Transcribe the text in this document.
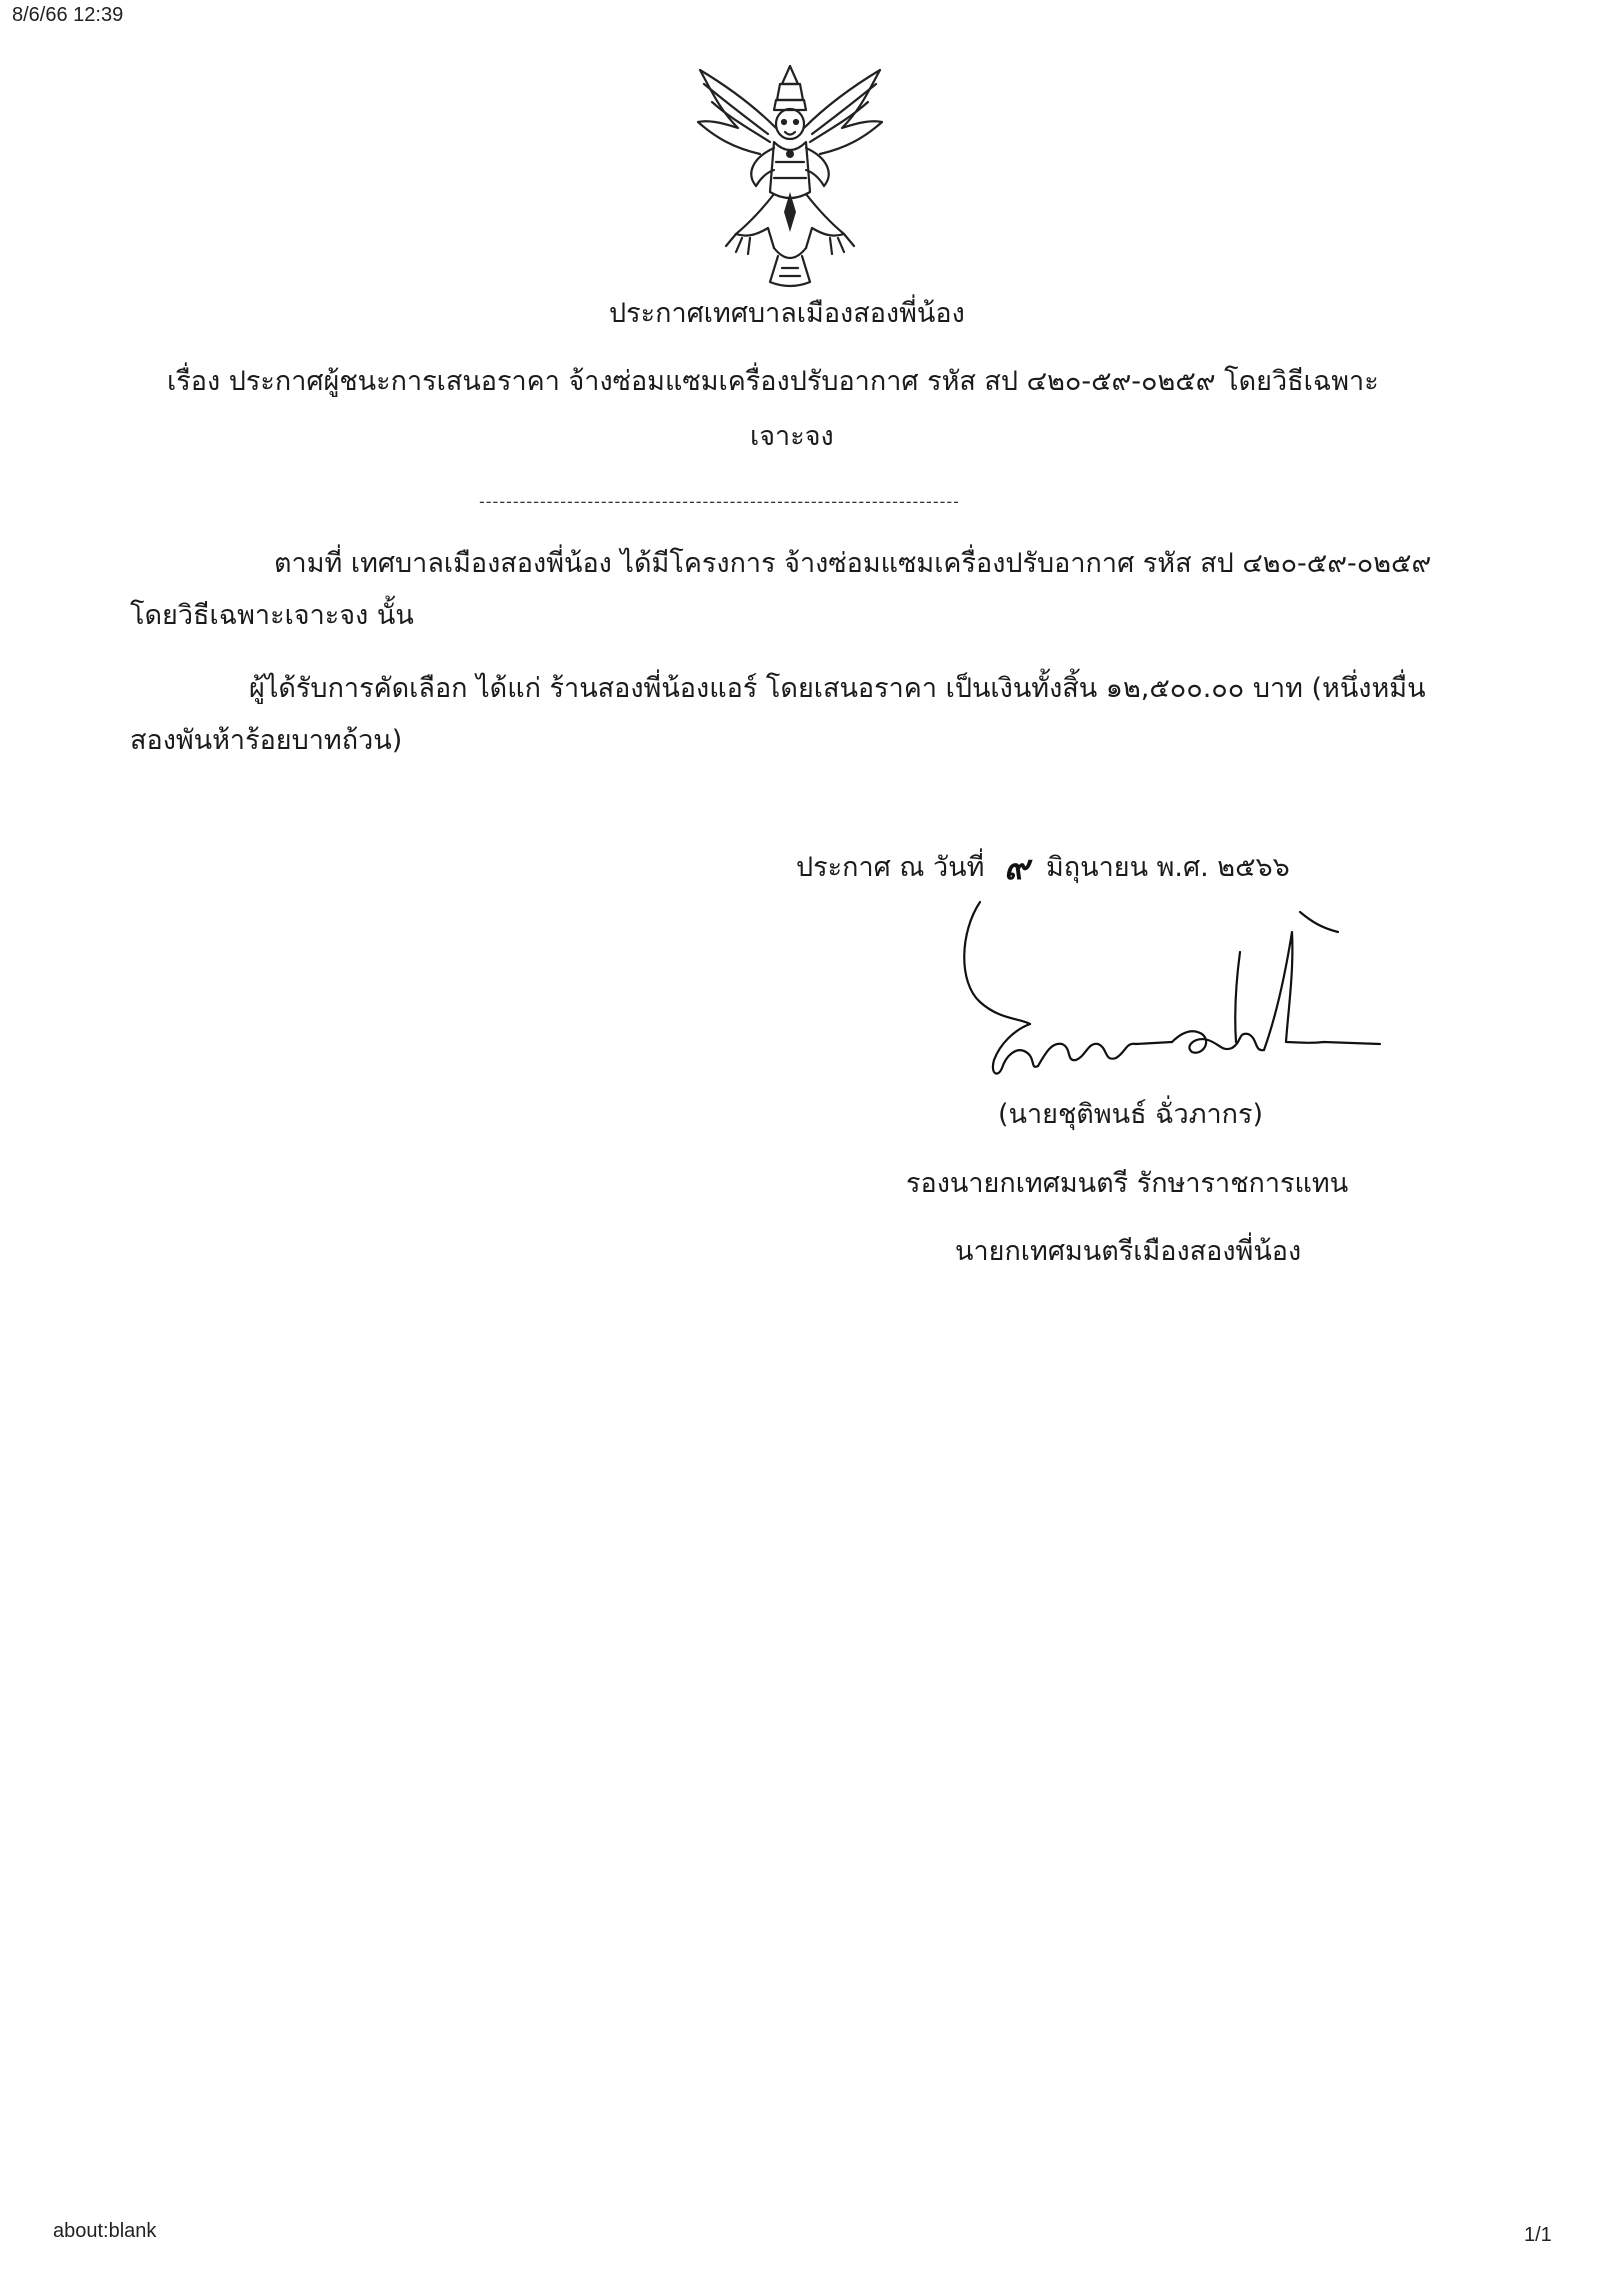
8/6/66 12:39
about:blank	1/1
ประกาศเทศบาลเมืองสองพี่น้อง
เรื่อง ประกาศผู้ชนะการเสนอราคา จ้างซ่อมแซมเครื่องปรับอากาศ รหัส สป ๔๒๐-๕๙-๐๒๕๙ โดยวิธีเฉพาะ
เจาะจง
-----------------------------------------------------------------------
ตามที่ เทศบาลเมืองสองพี่น้อง ได้มีโครงการ จ้างซ่อมแซมเครื่องปรับอากาศ รหัส สป ๔๒๐-๕๙-๐๒๕๙
โดยวิธีเฉพาะเจาะจง นั้น
ผู้ได้รับการคัดเลือก ได้แก่ ร้านสองพี่น้องแอร์ โดยเสนอราคา เป็นเงินทั้งสิ้น ๑๒,๕๐๐.๐๐ บาท (หนึ่งหมื่น
สองพันห้าร้อยบาทถ้วน)
ประกาศ ณ วันที่ ๙ มิถุนายน พ.ศ. ๒๕๖๖
(นายชุติพนธ์ ฉั่วภากร)
รองนายกเทศมนตรี รักษาราชการแทน
นายกเทศมนตรีเมืองสองพี่น้อง
